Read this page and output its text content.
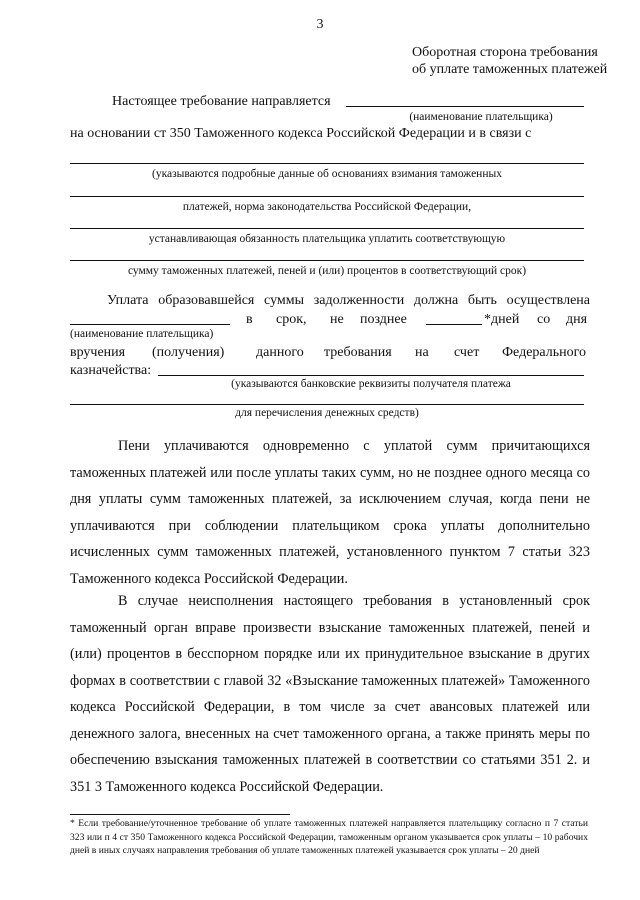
3
Оборотная сторона требования
об уплате таможенных платежей
Настоящее требование направляется
(наименование плательщика)
на основании ст 350 Таможенного кодекса Российской Федерации и в связи с
(указываются подробные данные об основаниях взимания таможенных
платежей, норма законодательства Российской Федерации,
устанавливающая обязанность плательщика уплатить соответствующую
сумму таможенных платежей, пеней и (или) процентов в соответствующий срок)
Уплата образовавшейся суммы задолженности должна быть осуществлена
в срок, не позднее	*дней со дня
(наименование плательщика)
вручения (получения) данного требования на счет Федерального
казначейства:
(указываются банковские реквизиты получателя платежа
для перечисления денежных средств)

Пени уплачиваются одновременно с уплатой сумм причитающихся таможенных платежей или после уплаты таких сумм, но не позднее одного месяца со дня уплаты сумм таможенных платежей, за исключением случая, когда пени не уплачиваются при соблюдении плательщиком срока уплаты дополнительно исчисленных сумм таможенных платежей, установленного пунктом 7 статьи 323 Таможенного кодекса Российской Федерации.

В случае неисполнения настоящего требования в установленный срок таможенный орган вправе произвести взыскание таможенных платежей, пеней и (или) процентов в бесспорном порядке или их принудительное взыскание в других формах в соответствии с главой 32 «Взыскание таможенных платежей» Таможенного кодекса Российской Федерации, в том числе за счет авансовых платежей или денежного залога, внесенных на счет таможенного органа, а также принять меры по обеспечению взыскания таможенных платежей в соответствии со статьями 351 2. и 351 3 Таможенного кодекса Российской Федерации.

* Если требование/уточненное требование об уплате таможенных платежей направляется плательщику согласно п 7 статьи 323 или п 4 ст 350 Таможенного кодекса Российской Федерации, таможенным органом указывается срок уплаты – 10 рабочих дней в иных случаях направления требования об уплате таможенных платежей указывается срок уплаты – 20 дней
